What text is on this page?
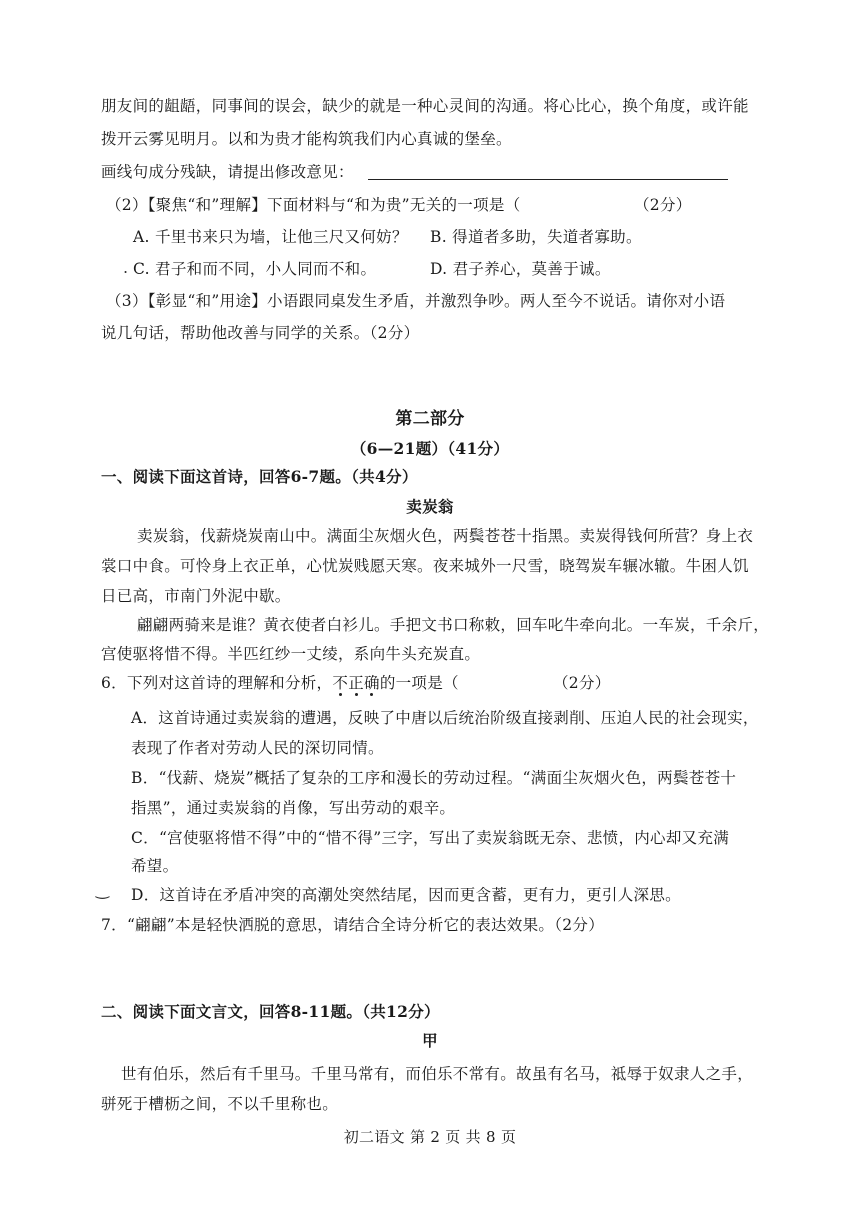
朋友间的龃龉，同事间的误会，缺少的就是一种心灵间的沟通。将心比心，换个角度，或许能
拨开云雾见明月。以和为贵才能构筑我们内心真诚的堡垒。
画线句成分残缺，请提出修改意见：
（2）【聚焦“和”理解】下面材料与“和为贵”无关的一项是（	（2分）
A. 千里书来只为墙，让他三尺又何妨？ B. 得道者多助，失道者寡助。
C. 君子和而不同，小人同而不和。	D. 君子养心，莫善于诚。
（3）【彰显“和”用途】小语跟同桌发生矛盾，并激烈争吵。两人至今不说话。请你对小语
说几句话，帮助他改善与同学的关系。（2分）
第二部分
（6—21题）（41分）
一、阅读下面这首诗，回答6-7题。（共4分）
卖炭翁
卖炭翁，伐薪烧炭南山中。满面尘灰烟火色，两鬓苍苍十指黑。卖炭得钱何所营？身上衣
裳口中食。可怜身上衣正单，心忧炭贱愿天寒。夜来城外一尺雪，晓驾炭车辗冰辙。牛困人饥
日已高，市南门外泥中歇。
翩翩两骑来是谁？黄衣使者白衫儿。手把文书口称敕，回车叱牛牵向北。一车炭，千余斤，
宫使驱将惜不得。半匹红纱一丈绫，系向牛头充炭直。
6．下列对这首诗的理解和分析，不正确的一项是（	（2分）
A．这首诗通过卖炭翁的遭遇，反映了中唐以后统治阶级直接剥削、压迫人民的社会现实，
表现了作者对劳动人民的深切同情。
B．“伐薪、烧炭”概括了复杂的工序和漫长的劳动过程。“满面尘灰烟火色，两鬓苍苍十
指黑”，通过卖炭翁的肖像，写出劳动的艰辛。
C．“宫使驱将惜不得”中的“惜不得”三字，写出了卖炭翁既无奈、悲愤，内心却又充满
希望。
D．这首诗在矛盾冲突的高潮处突然结尾，因而更含蓄，更有力，更引人深思。
7．“翩翩”本是轻快洒脱的意思，请结合全诗分析它的表达效果。（2分）
二、阅读下面文言文，回答8-11题。（共12分）
甲
世有伯乐，然后有千里马。千里马常有，而伯乐不常有。故虽有名马，祗辱于奴隶人之手，
骈死于槽枥之间，不以千里称也。
初二语文 第 2 页 共 8 页
.
‿
